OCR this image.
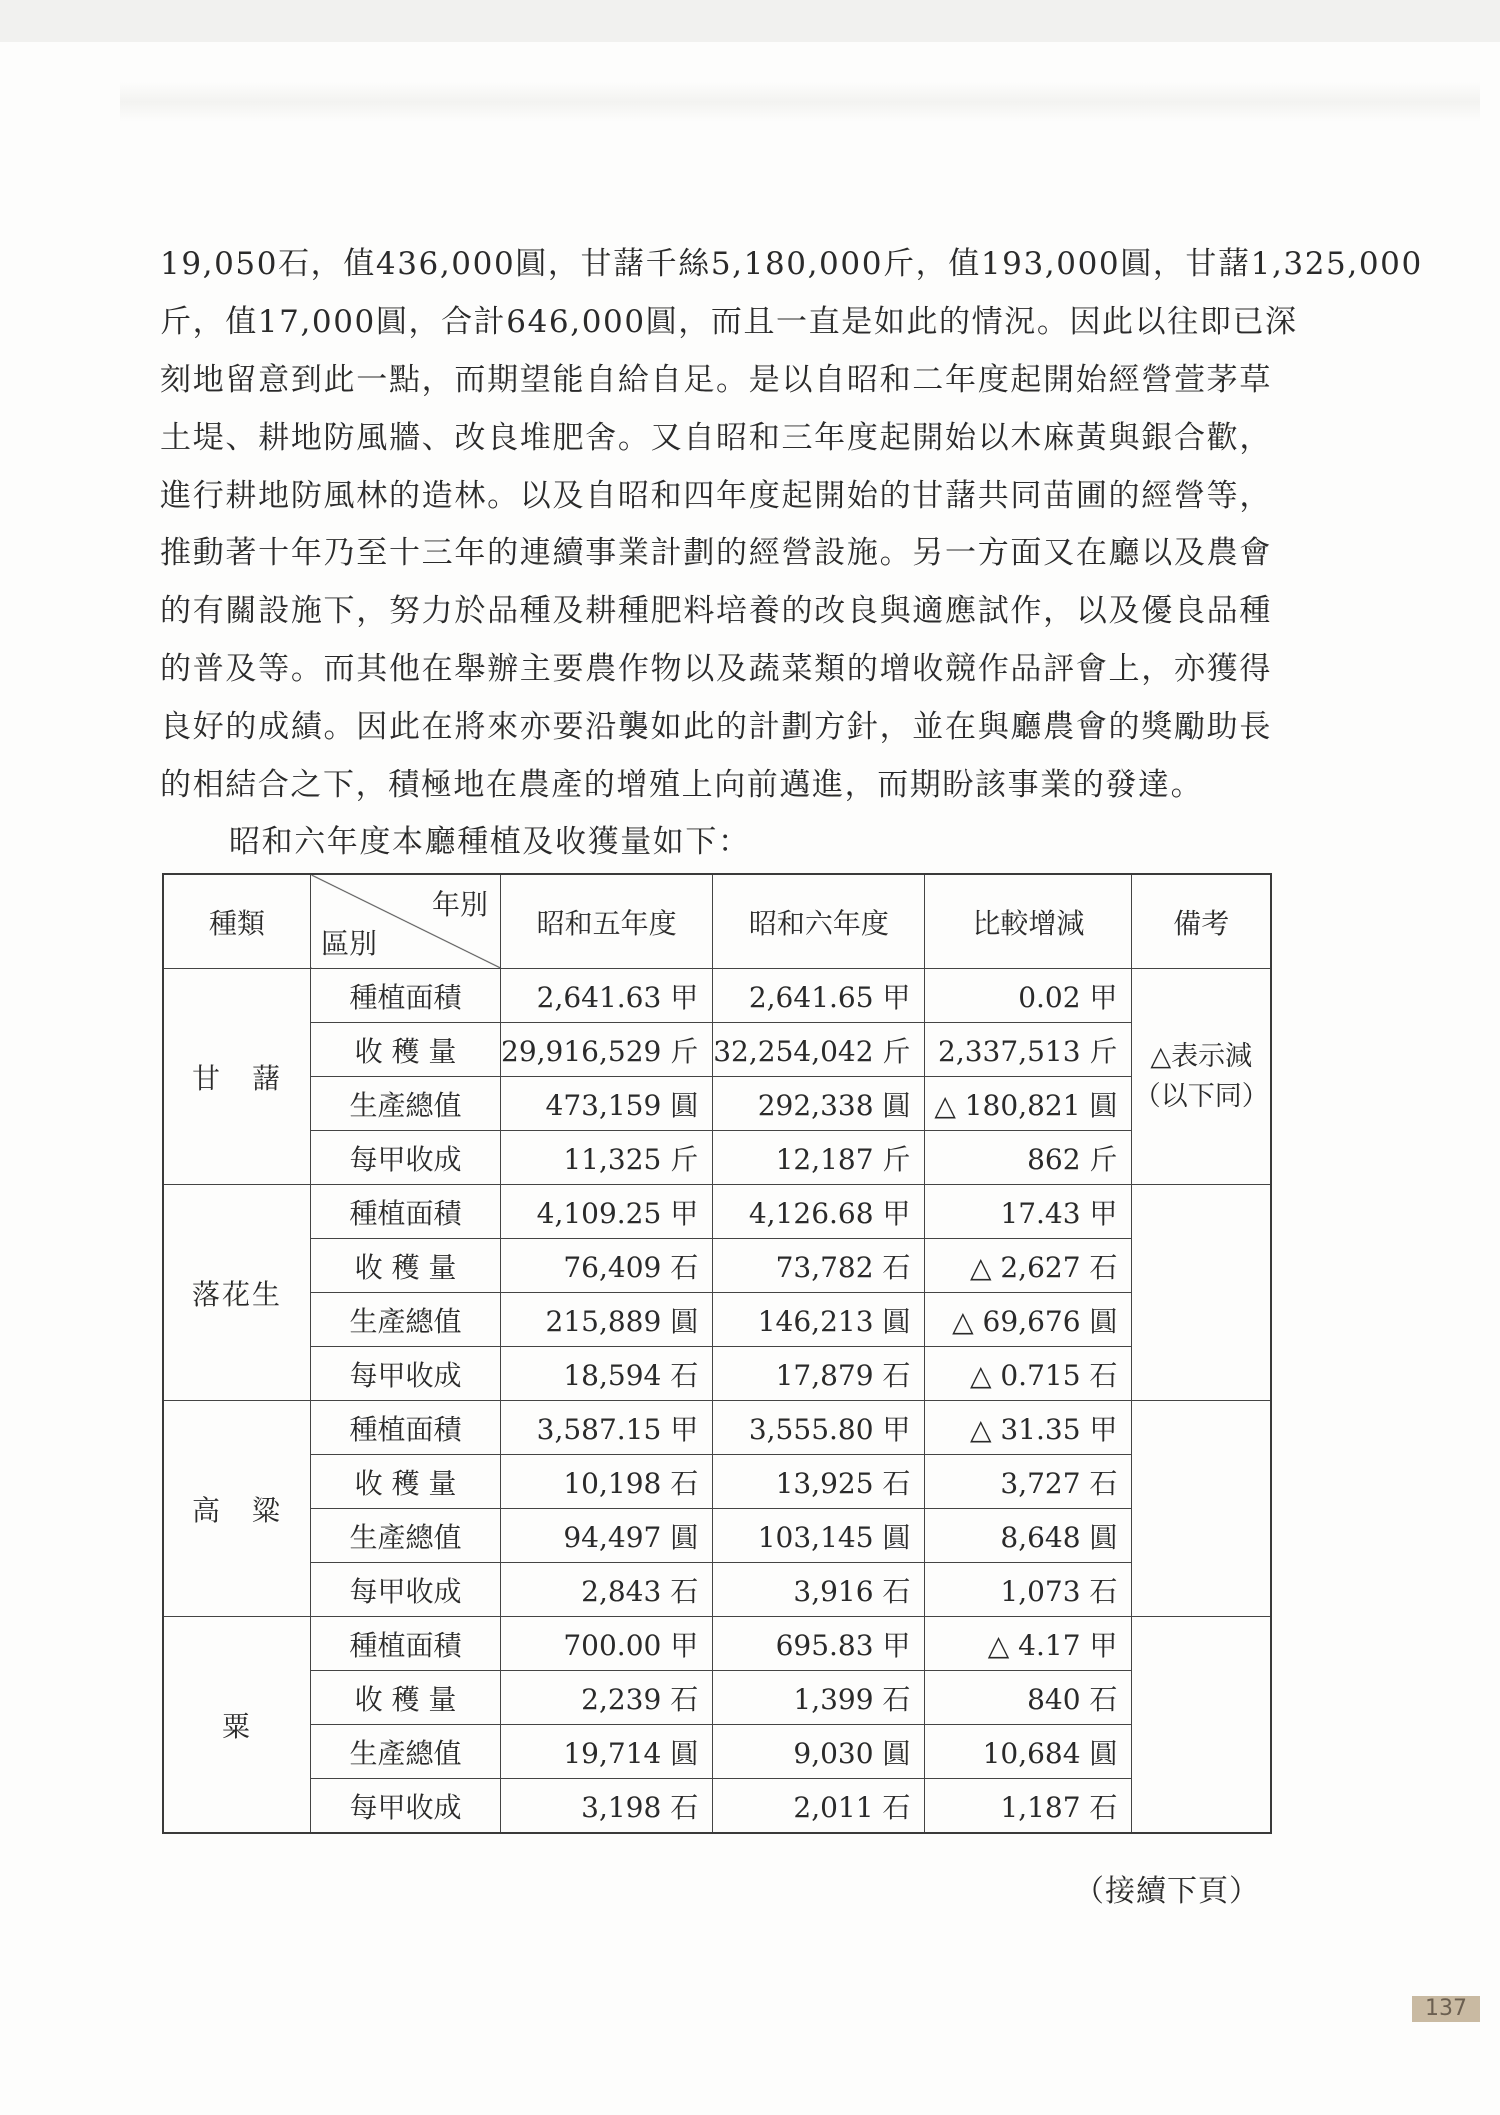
19,050石，值436,000圓，甘藷千絲5,180,000斤，值193,000圓，甘藷1,325,000
斤，值17,000圓，合計646,000圓，而且一直是如此的情況。因此以往即已深
刻地留意到此一點，而期望能自給自足。是以自昭和二年度起開始經營萱茅草
土堤、耕地防風牆、改良堆肥舍。又自昭和三年度起開始以木麻黃與銀合歡，
進行耕地防風林的造林。以及自昭和四年度起開始的甘藷共同苗圃的經營等，
推動著十年乃至十三年的連續事業計劃的經營設施。另一方面又在廳以及農會
的有關設施下，努力於品種及耕種肥料培養的改良與適應試作，以及優良品種
的普及等。而其他在舉辦主要農作物以及蔬菜類的增收競作品評會上，亦獲得
良好的成績。因此在將來亦要沿襲如此的計劃方針，並在與廳農會的獎勵助長
的相結合之下，積極地在農產的增殖上向前邁進，而期盼該事業的發達。
昭和六年度本廳種植及收獲量如下：
種類	年別
區別	昭和五年度	昭和六年度	比較增減	備考
甘　藷	種植面積	2,641.63 甲	2,641.65 甲	0.02 甲	△表示減
（以下同）

	收 穫 量	29,916,529 斤	32,254,042 斤	2,337,513 斤	
	生產總值	473,159 圓	292,338 圓	△ 180,821 圓	
	每甲收成	11,325 斤	12,187 斤	862 斤	
落花生	種植面積	4,109.25 甲	4,126.68 甲	17.43 甲	
	收 穫 量	76,409 石	73,782 石	△ 2,627 石	
	生產總值	215,889 圓	146,213 圓	△ 69,676 圓	
	每甲收成	18,594 石	17,879 石	△ 0.715 石	
高　粱	種植面積	3,587.15 甲	3,555.80 甲	△ 31.35 甲	
	收 穫 量	10,198 石	13,925 石	3,727 石	
	生產總值	94,497 圓	103,145 圓	8,648 圓	
	每甲收成	2,843 石	3,916 石	1,073 石	
粟	種植面積	700.00 甲	695.83 甲	△ 4.17 甲	
	收 穫 量	2,239 石	1,399 石	840 石	
	生產總值	19,714 圓	9,030 圓	10,684 圓	
	每甲收成	3,198 石	2,011 石	1,187 石	
（接續下頁）
137
